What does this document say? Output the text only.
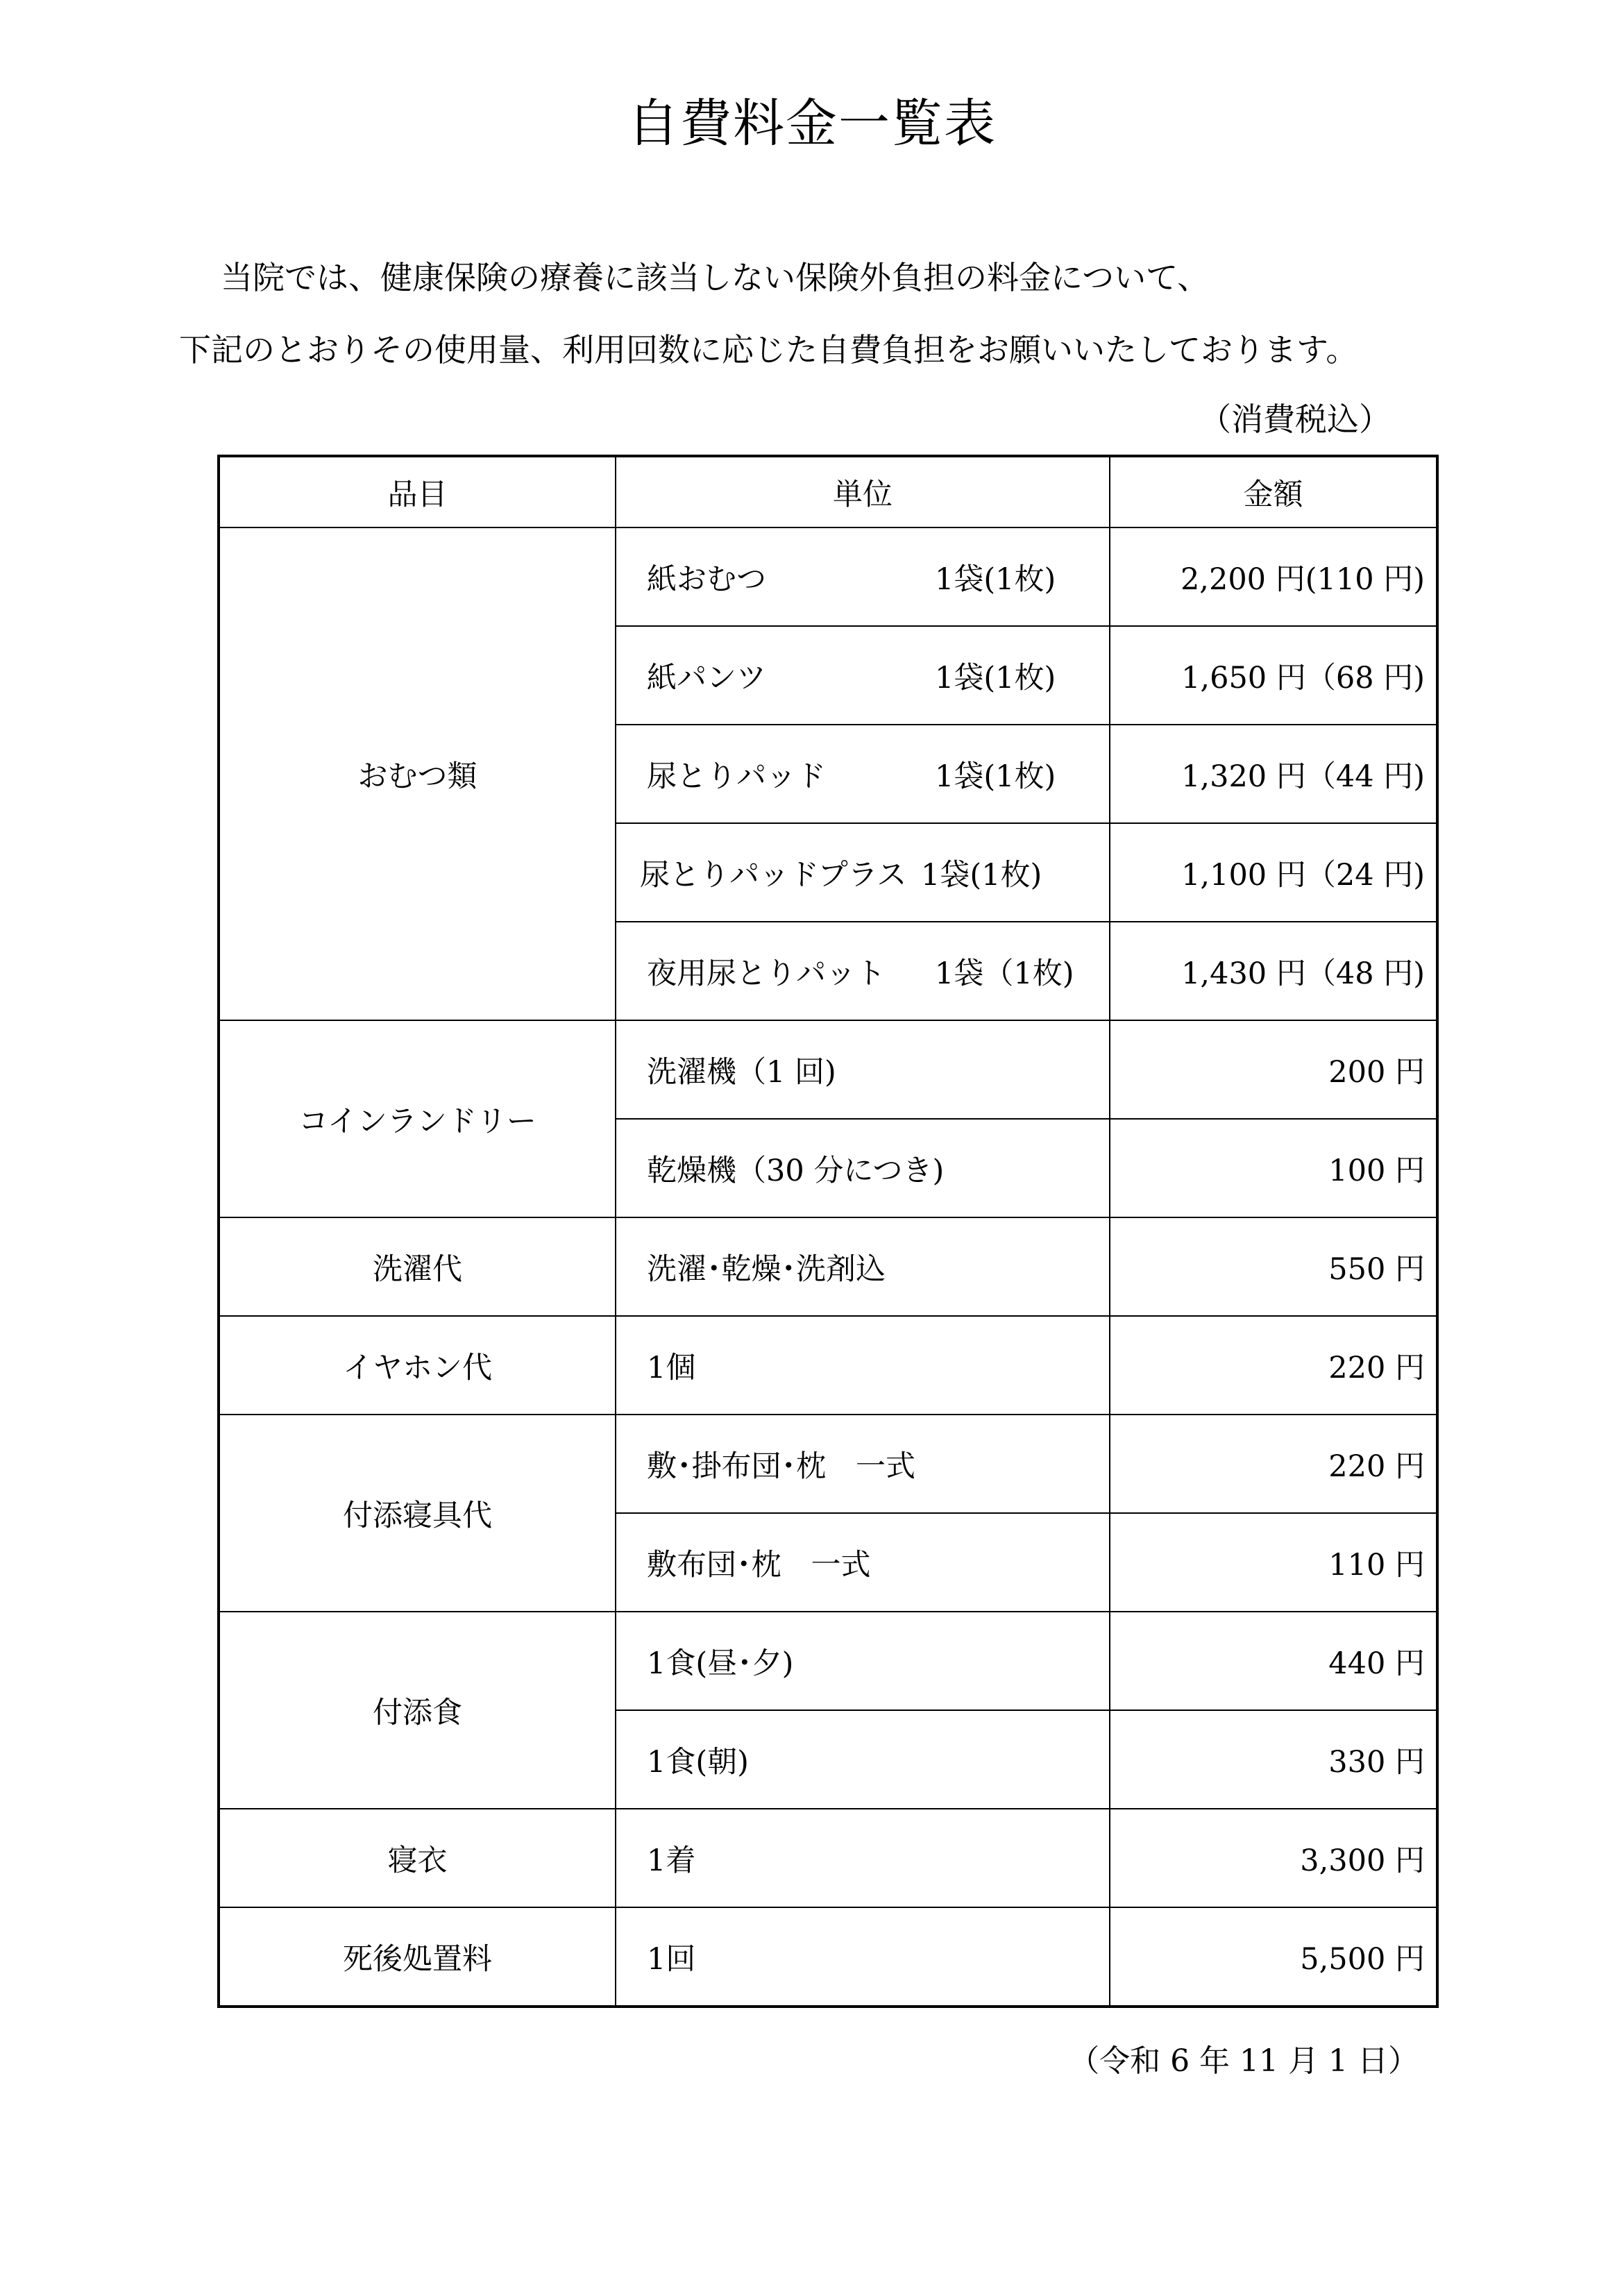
自費料金一覧表
当院では、健康保険の療養に該当しない保険外負担の料金について、
下記のとおりその使用量、利用回数に応じた自費負担をお願いいたしております。
（消費税込）
品目	単位	金額
おむつ類	紙おむつ 1袋(1枚)	2,200 円(110 円)
	紙パンツ 1袋(1枚)	1,650 円（68 円)
	尿とりパッド 1袋(1枚)	1,320 円（44 円)
	尿とりパッドプラス 1袋(1枚)	1,100 円（24 円)
	夜用尿とりパット 1袋（1枚)	1,430 円（48 円)
コインランドリー	洗濯機（1 回)	200 円
	乾燥機（30 分につき)	100 円
洗濯代	洗濯･乾燥･洗剤込	550 円
イヤホン代	1個	220 円
付添寝具代	敷･掛布団･枕　一式	220 円
	敷布団･枕　一式	110 円
付添食	1食(昼･夕)	440 円
	1食(朝)	330 円
寝衣	1着	3,300 円
死後処置料	1回	5,500 円
（令和 6 年 11 月 1 日）
